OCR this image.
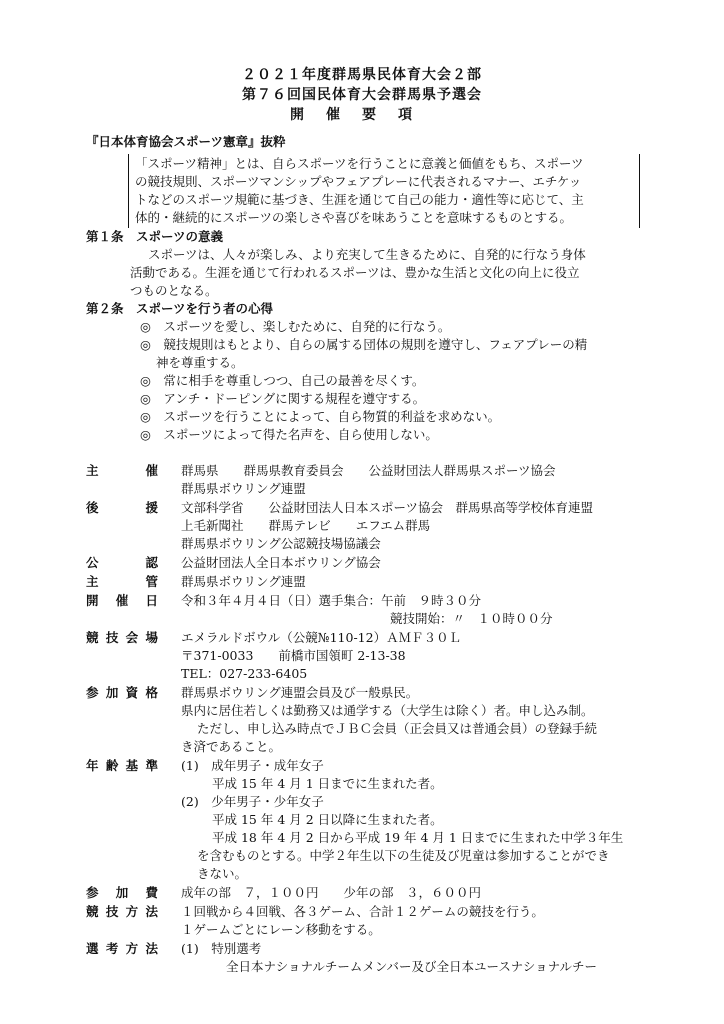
２０２１年度群馬県民体育大会２部
第７６回国民体育大会群馬県予選会
開催要項
『日本体育協会スポーツ憲章』抜粋
「スポーツ精神」とは、自らスポーツを行うことに意義と価値をもち、スポーツ
の競技規則、スポーツマンシップやフェアプレーに代表されるマナー、エチケッ
トなどのスポーツ規範に基づき、生涯を通じて自己の能力・適性等に応じて、主
体的・継続的にスポーツの楽しさや喜びを味あうことを意味するものとする。
第１条　スポーツの意義
スポーツは、人々が楽しみ、より充実して生きるために、自発的に行なう身体
活動である。生涯を通じて行われるスポーツは、豊かな生活と文化の向上に役立
つものとなる。
第２条　スポーツを行う者の心得
◎　スポーツを愛し、楽しむために、自発的に行なう。
◎　競技規則はもとより、自らの属する団体の規則を遵守し、フェアプレーの精
神を尊重する。
◎　常に相手を尊重しつつ、自己の最善を尽くす。
◎　アンチ・ドーピングに関する規程を遵守する。
◎　スポーツを行うことによって、自ら物質的利益を求めない。
◎　スポーツによって得た名声を、自ら使用しない。
主	催 群馬県　　群馬県教育委員会　　公益財団法人群馬県スポーツ協会
群馬県ボウリング連盟
後	援 文部科学省　　公益財団法人日本スポーツ協会　群馬県高等学校体育連盟
上毛新聞社　　群馬テレビ　　エフエム群馬
群馬県ボウリング公認競技場協議会
公	認 公益財団法人全日本ボウリング協会
主	管 群馬県ボウリング連盟
開 催 日 令和３年４月４日（日）選手集合：午前　９時３０分
競技開始：〃　１０時００分
競 技 会 場 エメラルドボウル（公競№110-12）ＡＭＦ３０Ｌ
〒371-0033　　前橋市国領町 2-13-38
TEL：027-233-6405
参 加 資 格 群馬県ボウリング連盟会員及び一般県民。
県内に居住若しくは勤務又は通学する（大学生は除く）者。申し込み制。
ただし、申し込み時点でＪＢＣ会員（正会員又は普通会員）の登録手続
き済であること。
年 齢 基 準 (1)　成年男子・成年女子
平成 15 年 4 月 1 日までに生まれた者。
(2)　少年男子・少年女子
平成 15 年 4 月 2 日以降に生まれた者。
平成 18 年 4 月 2 日から平成 19 年 4 月 1 日までに生まれた中学３年生
を含むものとする。中学２年生以下の生徒及び児童は参加することができ
きない。
参 加 費 成年の部　７，１００円　　少年の部　３，６００円
競 技 方 法 １回戦から４回戦、各３ゲーム、合計１２ゲームの競技を行う。
１ゲームごとにレーン移動をする。
選 考 方 法 (1)　特別選考
全日本ナショナルチームメンバー及び全日本ユースナショナルチー
